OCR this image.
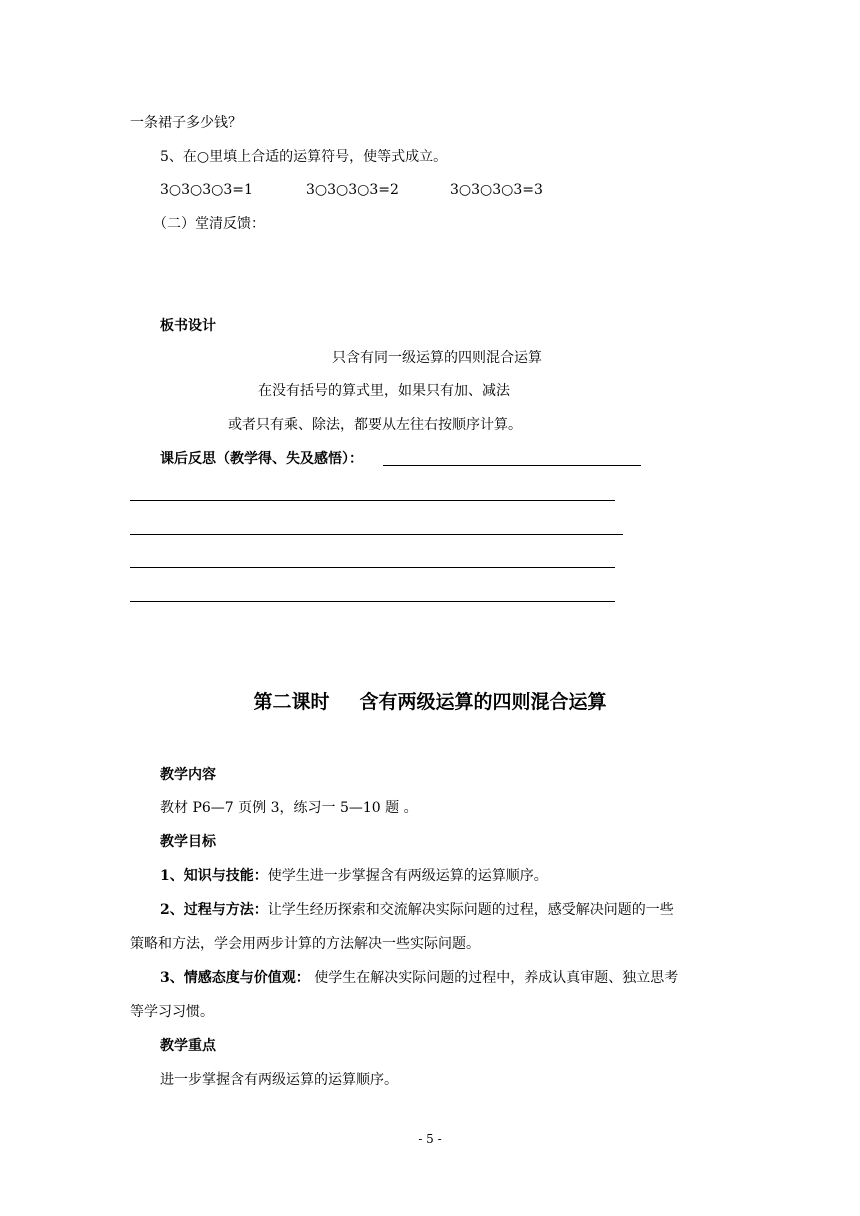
一条裙子多少钱？
5、在○里填上合适的运算符号，使等式成立。
3○3○3○3=1	3○3○3○3=2	3○3○3○3=3
（二）堂清反馈：
板书设计
只含有同一级运算的四则混合运算
在没有括号的算式里，如果只有加、减法
或者只有乘、除法，都要从左往右按顺序计算。
课后反思（教学得、失及感悟）：
第二课时 含有两级运算的四则混合运算
教学内容
教材 P6—7 页例 3，练习一 5—10 题 。
教学目标
1、知识与技能：使学生进一步掌握含有两级运算的运算顺序。
2、过程与方法：让学生经历探索和交流解决实际问题的过程，感受解决问题的一些
策略和方法，学会用两步计算的方法解决一些实际问题。
3、情感态度与价值观： 使学生在解决实际问题的过程中，养成认真审题、独立思考
等学习习惯。
教学重点
进一步掌握含有两级运算的运算顺序。
- 5 -
